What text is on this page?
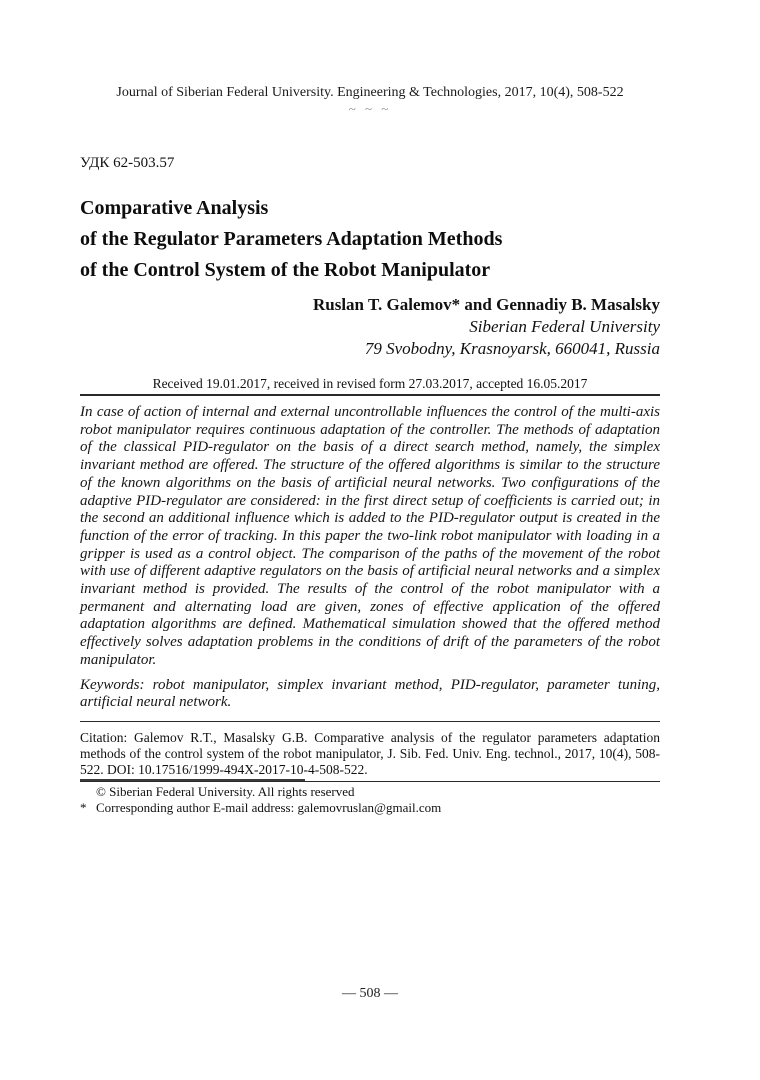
Journal of Siberian Federal University. Engineering & Technologies, 2017, 10(4), 508-522
~ ~ ~
УДК 62-503.57
Comparative Analysis
of the Regulator Parameters Adaptation Methods
of the Control System of the Robot Manipulator
Ruslan T. Galemov* and Gennadiy B. Masalsky
Siberian Federal University
79 Svobodny, Krasnoyarsk, 660041, Russia
Received 19.01.2017, received in revised form 27.03.2017, accepted 16.05.2017
In case of action of internal and external uncontrollable influences the control of the multi-axis robot manipulator requires continuous adaptation of the controller. The methods of adaptation of the classical PID-regulator on the basis of a direct search method, namely, the simplex invariant method are offered. The structure of the offered algorithms is similar to the structure of the known algorithms on the basis of artificial neural networks. Two configurations of the adaptive PID-regulator are considered: in the first direct setup of coefficients is carried out; in the second an additional influence which is added to the PID-regulator output is created in the function of the error of tracking. In this paper the two-link robot manipulator with loading in a gripper is used as a control object. The comparison of the paths of the movement of the robot with use of different adaptive regulators on the basis of artificial neural networks and a simplex invariant method is provided. The results of the control of the robot manipulator with a permanent and alternating load are given, zones of effective application of the offered adaptation algorithms are defined. Mathematical simulation showed that the offered method effectively solves adaptation problems in the conditions of drift of the parameters of the robot manipulator.
Keywords: robot manipulator, simplex invariant method, PID-regulator, parameter tuning, artificial neural network.
Citation: Galemov R.T., Masalsky G.B. Comparative analysis of the regulator parameters adaptation methods of the control system of the robot manipulator, J. Sib. Fed. Univ. Eng. technol., 2017, 10(4), 508-522. DOI: 10.17516/1999-494X-2017-10-4-508-522.
© Siberian Federal University. All rights reserved
* Corresponding author E-mail address: galemovruslan@gmail.com
— 508 —
